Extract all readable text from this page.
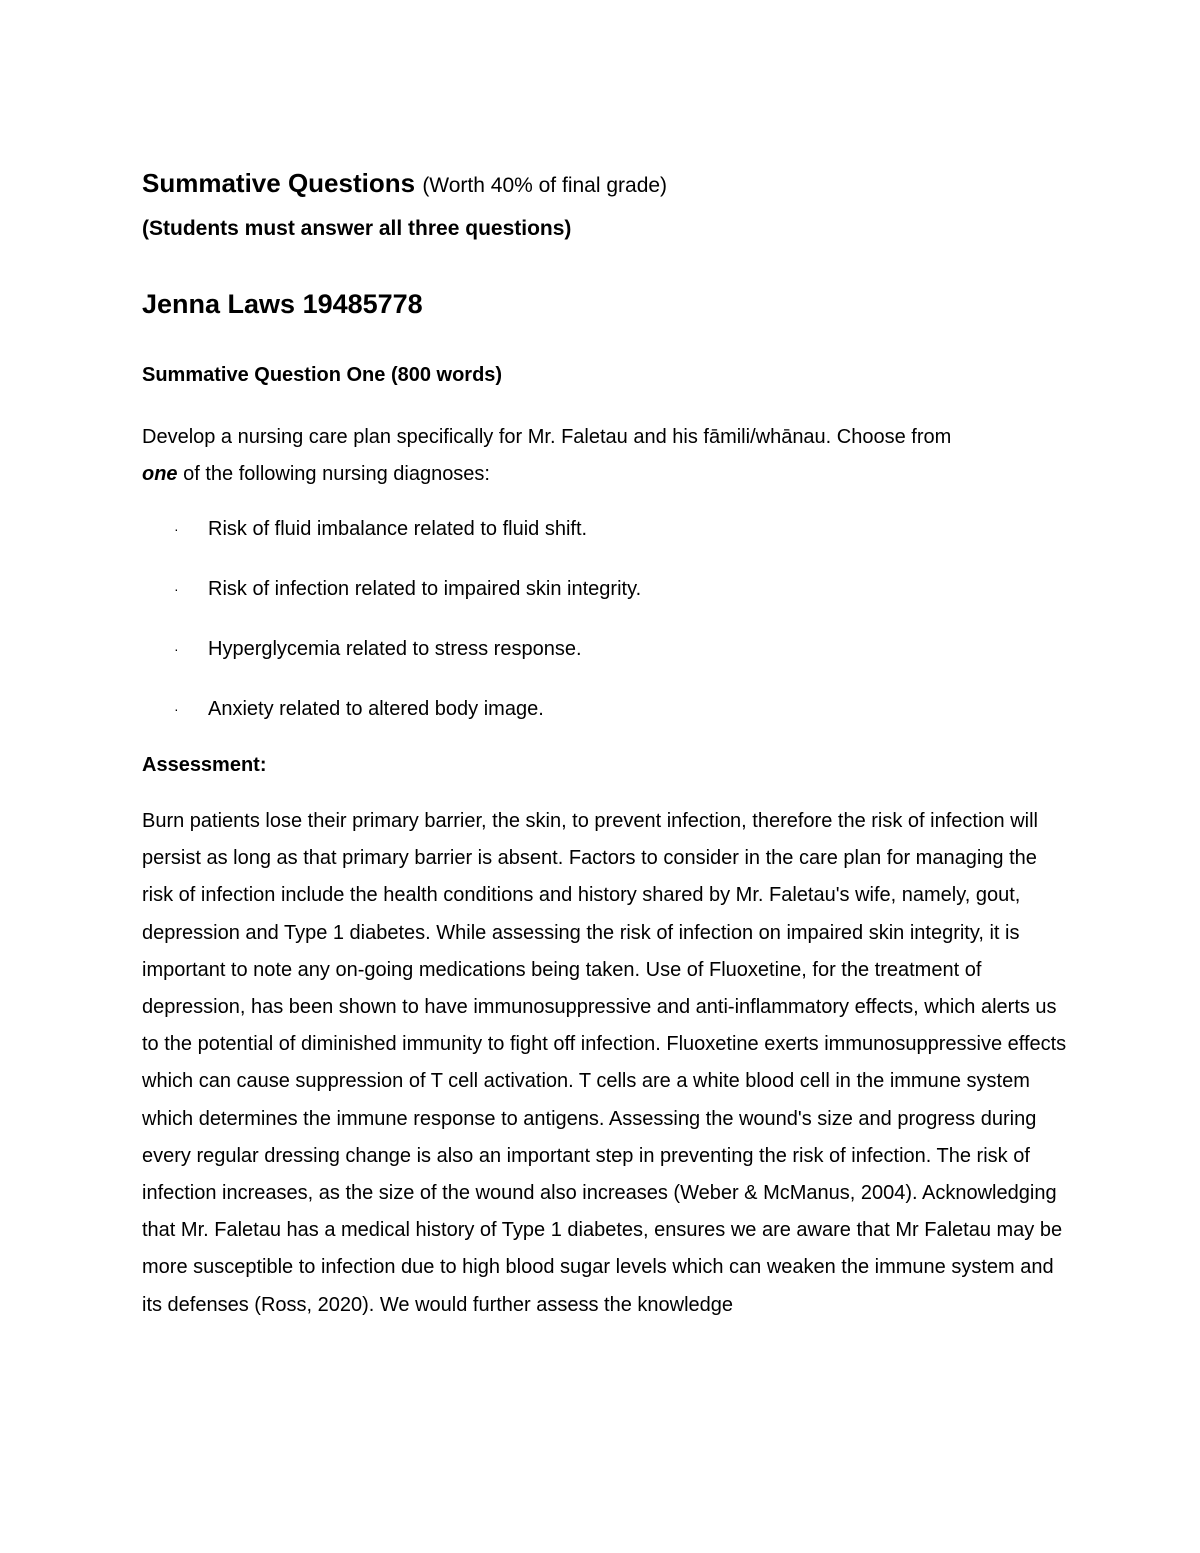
Summative Questions (Worth 40% of final grade)

(Students must answer all three questions)

Jenna Laws 19485778

Summative Question One (800 words)

Develop a nursing care plan specifically for Mr. Faletau and his fāmili/whānau. Choose from
one of the following nursing diagnoses:

· Risk of fluid imbalance related to fluid shift.
· Risk of infection related to impaired skin integrity.
· Hyperglycemia related to stress response.
· Anxiety related to altered body image.

Assessment:

Burn patients lose their primary barrier, the skin, to prevent infection, therefore the risk of infection will persist as long as that primary barrier is absent. Factors to consider in the care plan for managing the risk of infection include the health conditions and history shared by Mr. Faletau's wife, namely, gout, depression and Type 1 diabetes. While assessing the risk of infection on impaired skin integrity, it is important to note any on-going medications being taken. Use of Fluoxetine, for the treatment of depression, has been shown to have immunosuppressive and anti-inflammatory effects, which alerts us to the potential of diminished immunity to fight off infection. Fluoxetine exerts immunosuppressive effects which can cause suppression of T cell activation. T cells are a white blood cell in the immune system which determines the immune response to antigens. Assessing the wound's size and progress during every regular dressing change is also an important step in preventing the risk of infection. The risk of infection increases, as the size of the wound also increases (Weber & McManus, 2004). Acknowledging that Mr. Faletau has a medical history of Type 1 diabetes, ensures we are aware that Mr Faletau may be more susceptible to infection due to high blood sugar levels which can weaken the immune system and its defenses (Ross, 2020). We would further assess the knowledge
